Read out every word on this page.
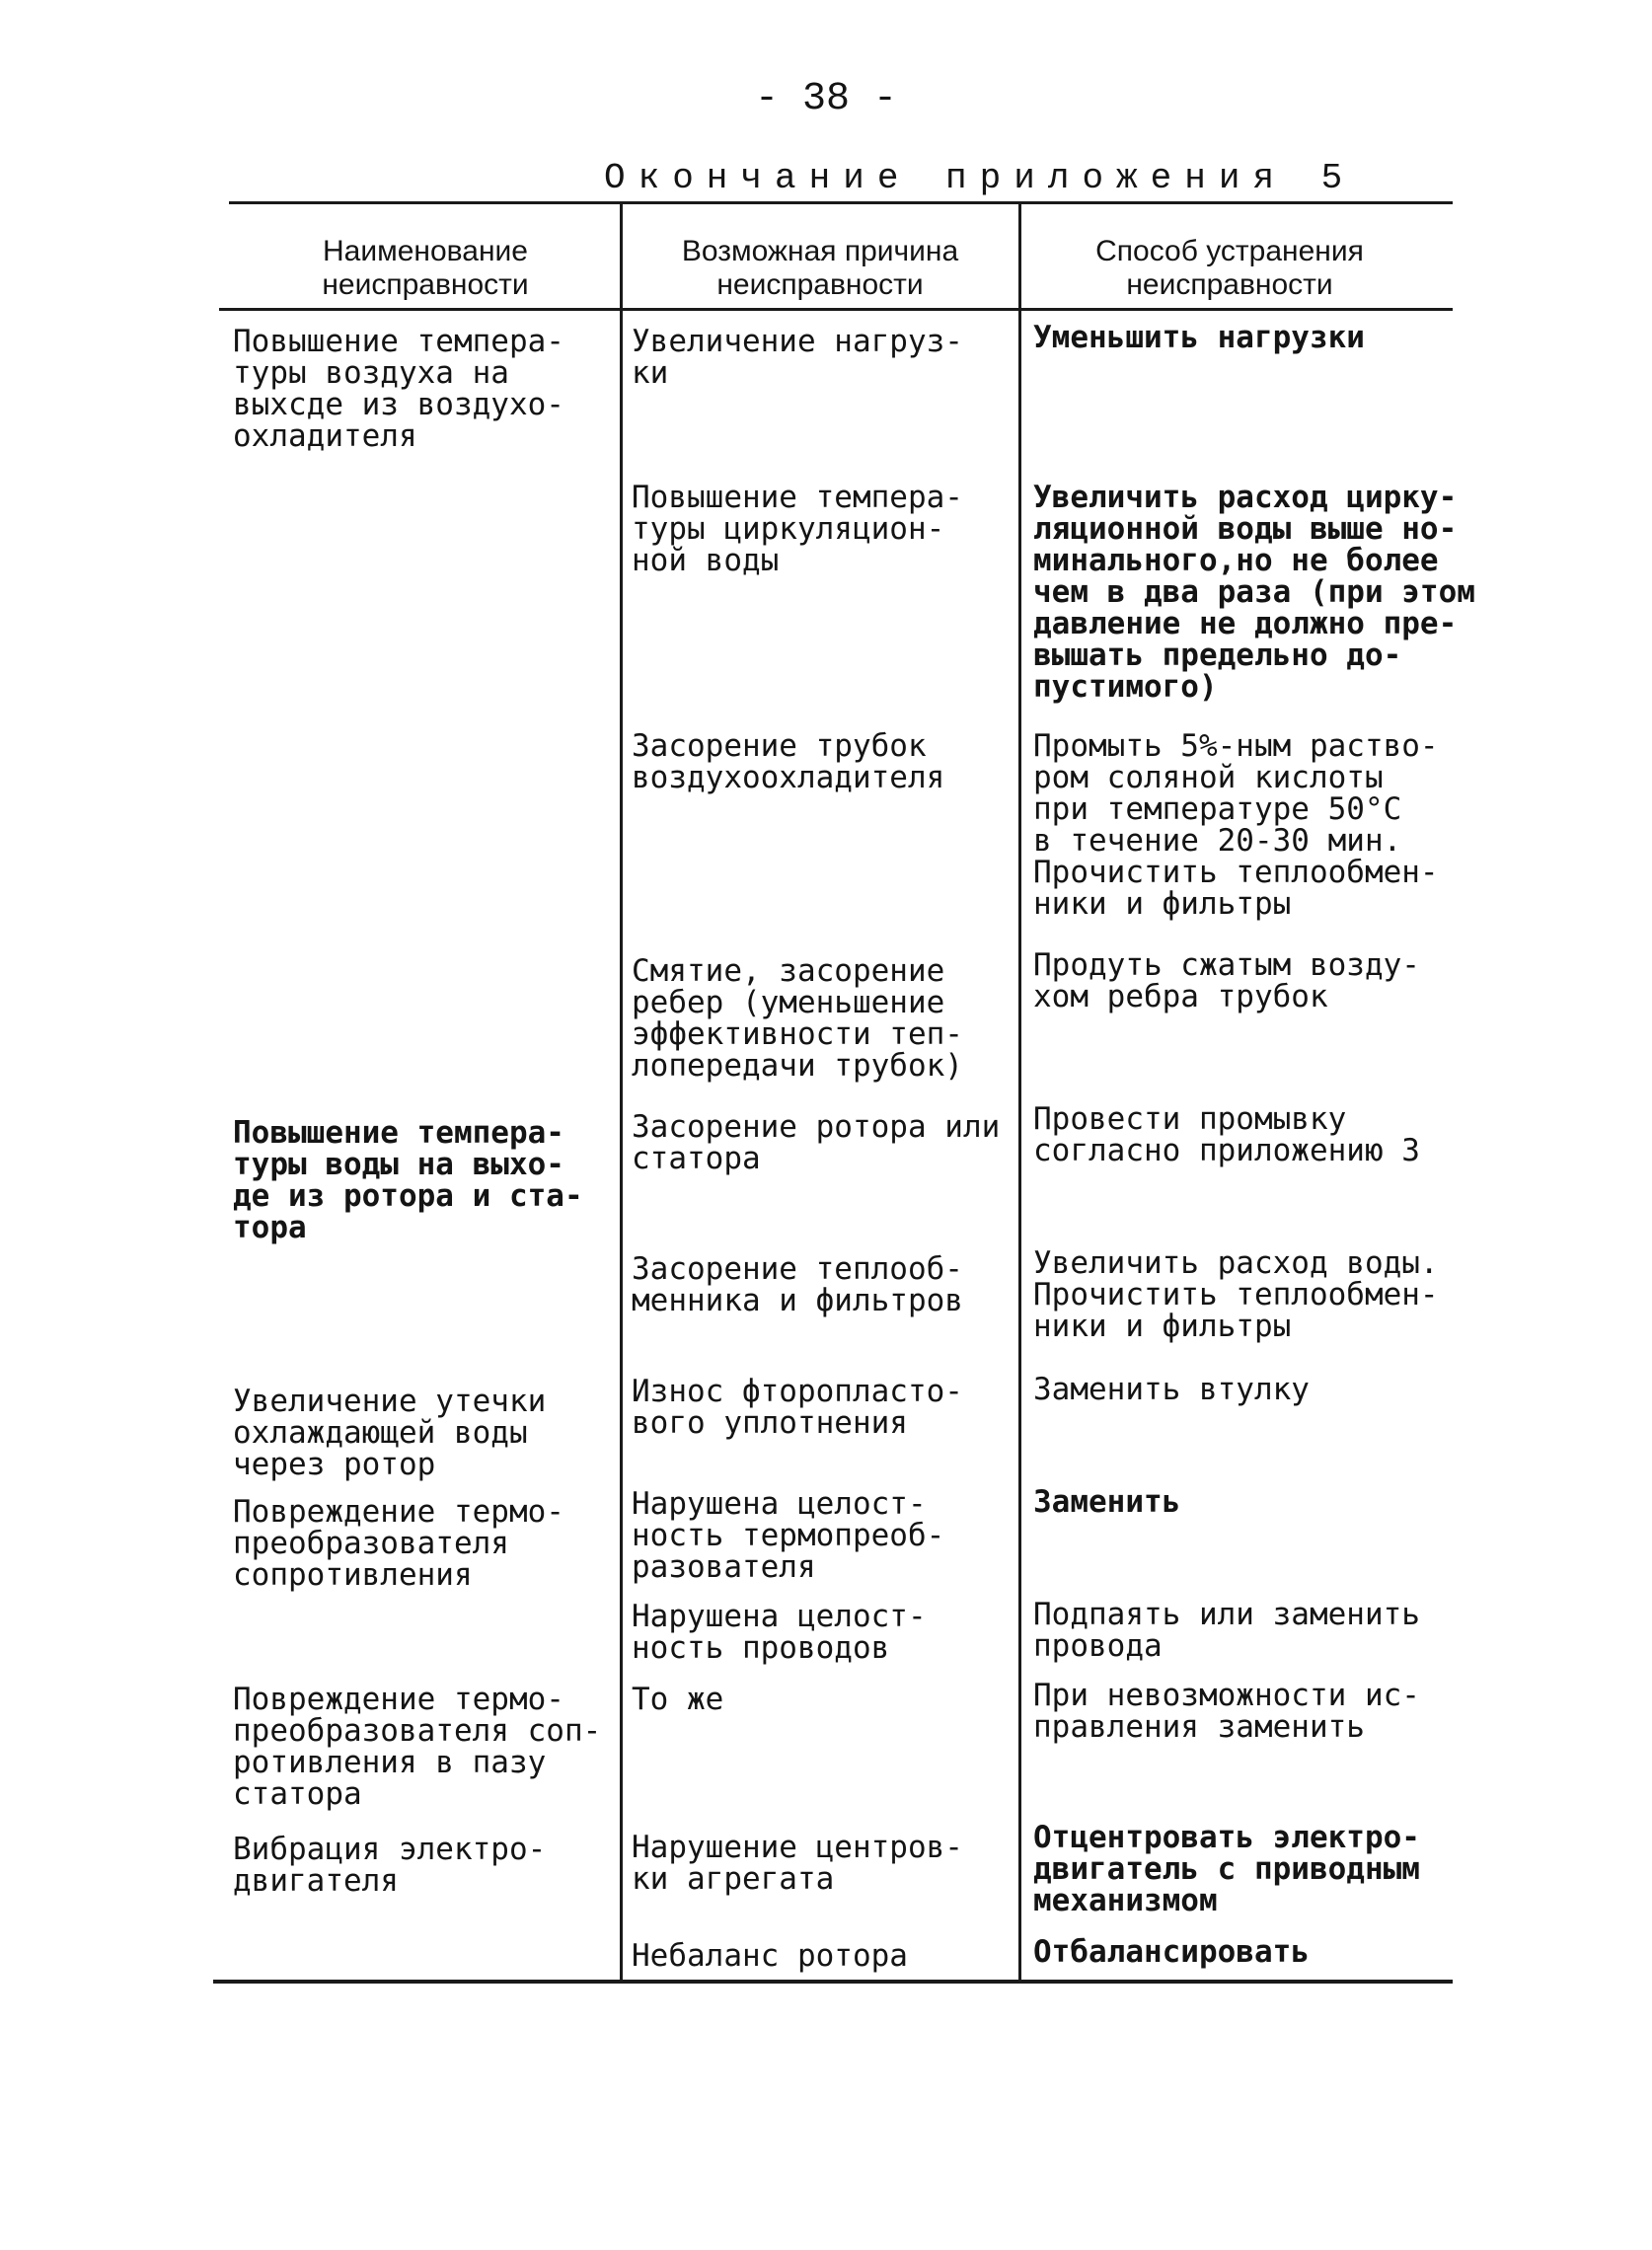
- 38 -
Окончание приложения 5
Наименование
неисправности
Возможная причина
неисправности
Способ устранения
неисправности
Повышение темпера-
туры воздуха на
выхсде из воздухо-
охладителя
Увеличение нагруз-
ки
Уменьшить нагрузки
Повышение темпера-
туры циркуляцион-
ной воды
Увеличить расход цирку-
ляционной воды выше но-
минального,но не более
чем в два раза (при этом
давление не должно пре-
вышать предельно до-
пустимого)
Засорение трубок
воздухоохладителя
Промыть 5%-ным раство-
ром соляной кислоты
при температуре 50°С
в течение 20-30 мин.
Прочистить теплообмен-
ники и фильтры
Смятие, засорение
ребер (уменьшение
эффективности теп-
лопередачи трубок)
Продуть сжатым возду-
хом ребра трубок
Повышение темпера-
туры воды на выхо-
де из ротора и ста-
тора
Засорение ротора или
статора
Провести промывку
согласно приложению 3
Засорение теплооб-
менника и фильтров
Увеличить расход воды.
Прочистить теплообмен-
ники и фильтры
Увеличение утечки
охлаждающей воды
через ротор
Износ фторопласто-
вого уплотнения
Заменить втулку
Повреждение термо-
преобразователя
сопротивления
Нарушена целост-
ность термопреоб-
разователя
Заменить
Нарушена целост-
ность проводов
Подпаять или заменить
провода
Повреждение термо-
преобразователя соп-
ротивления в пазу
статора
То же	При невозможности ис-
правления заменить
Вибрация электро-
двигателя
Нарушение центров-
ки агрегата
Отцентровать электро-
двигатель с приводным
механизмом
Небаланс ротора	Отбалансировать
